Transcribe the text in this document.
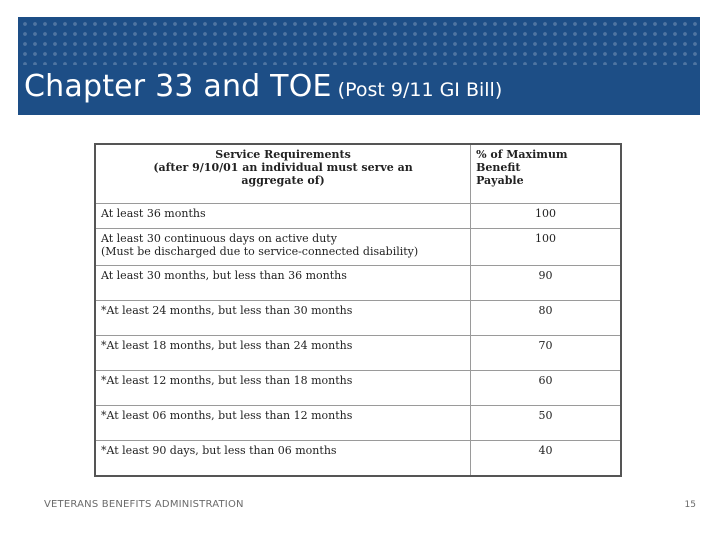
Chapter 33 and TOE (Post 9/11 GI Bill)
Service Requirements
(after 9/10/01 an individual must serve an
aggregate of)	% of Maximum Benefit
Payable

At least 36 months	100

At least 30 continuous days on active duty
(Must be discharged due to service-connected disability)	100

At least 30 months, but less than 36 months	90

*At least 24 months, but less than 30 months	80

*At least 18 months, but less than 24 months	70

*At least 12 months, but less than 18 months	60

*At least 06 months, but less than 12 months	50

*At least 90 days, but less than 06 months	40
VETERANS BENEFITS ADMINISTRATION	15
